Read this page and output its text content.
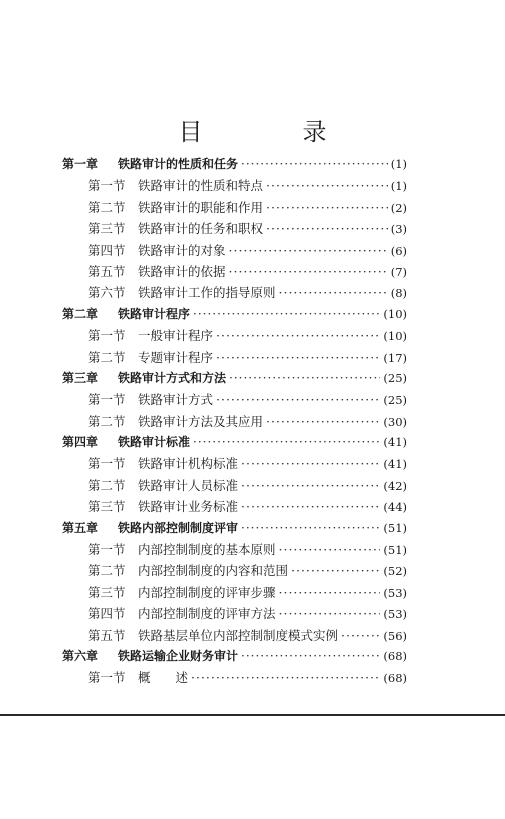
目　录
第一章	铁路审计的性质和任务 ·····	(1)
第一节 铁路审计的性质和特点 ·····	(1)
第二节 铁路审计的职能和作用 ·····	(2)
第三节 铁路审计的任务和职权 ·····	(3)
第四节 铁路审计的对象 ·····	(6)
第五节 铁路审计的依据 ·····	(7)
第六节 铁路审计工作的指导原则 ·····	(8)
第二章	铁路审计程序 ·····	(10)
第一节 一般审计程序 ·····	(10)
第二节 专题审计程序 ·····	(17)
第三章	铁路审计方式和方法 ·····	(25)
第一节 铁路审计方式 ·····	(25)
第二节 铁路审计方法及其应用 ·····	(30)
第四章	铁路审计标准 ·····	(41)
第一节 铁路审计机构标准 ·····	(41)
第二节 铁路审计人员标准 ·····	(42)
第三节 铁路审计业务标准 ·····	(44)
第五章	铁路内部控制制度评审 ·····	(51)
第一节 内部控制制度的基本原则 ·····	(51)
第二节 内部控制制度的内容和范围 ·····	(52)
第三节 内部控制制度的评审步骤 ·····	(53)
第四节 内部控制制度的评审方法 ·····	(53)
第五节 铁路基层单位内部控制制度模式实例 ·····	(56)
第六章	铁路运输企业财务审计 ·····	(68)
第一节 概　　述 ·····	(68)
